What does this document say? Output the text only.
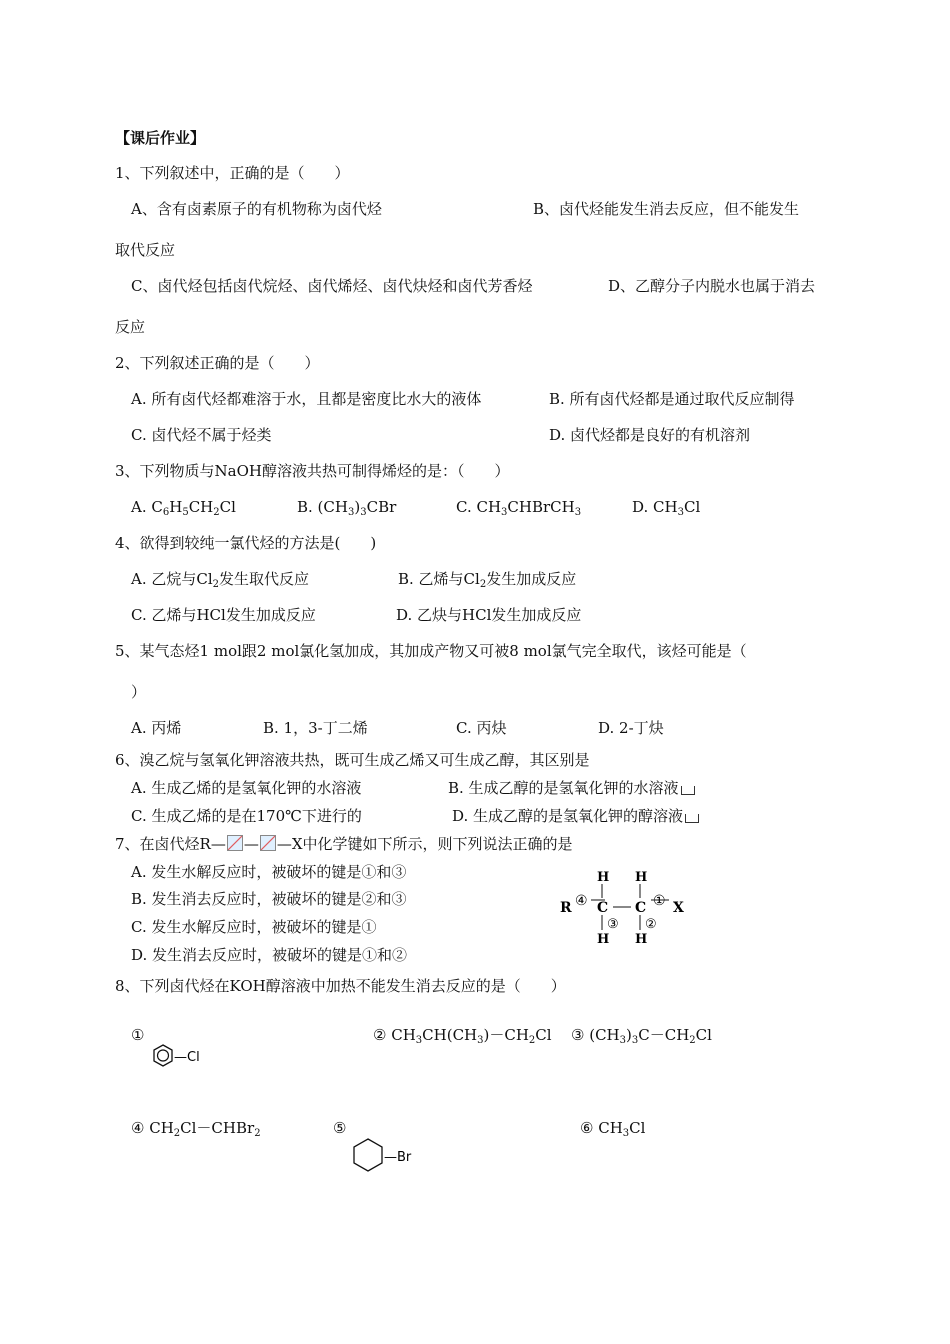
【课后作业】
1、下列叙述中，正确的是（　　）
A、含有卤素原子的有机物称为卤代烃	B、卤代烃能发生消去反应，但不能发生
取代反应
C、卤代烃包括卤代烷烃、卤代烯烃、卤代炔烃和卤代芳香烃	D、乙醇分子内脱水也属于消去
反应
2、下列叙述正确的是（　　）
A. 所有卤代烃都难溶于水，且都是密度比水大的液体	B. 所有卤代烃都是通过取代反应制得
C. 卤代烃不属于烃类	D. 卤代烃都是良好的有机溶剂
3、下列物质与NaOH醇溶液共热可制得烯烃的是：（　　）
A. $C_6H_5CH_2Cl$	B. $(CH_3)_3CBr$	C. $CH_3CHBrCH_3$	D. $CH_3Cl$
4、欲得到较纯一氯代烃的方法是(　　)
A. 乙烷与$Cl_2$发生取代反应	B. 乙烯与$Cl_2$发生加成反应
C. 乙烯与HCl发生加成反应	D. 乙炔与HCl发生加成反应
5、某气态烃1 mol跟2 mol氯化氢加成，其加成产物又可被8 mol氯气完全取代，该烃可能是（
）
A. 丙烯	B. 1，3-丁二烯	C. 丙炔	D. 2-丁炔
6、溴乙烷与氢氧化钾溶液共热，既可生成乙烯又可生成乙醇，其区别是
A. 生成乙烯的是氢氧化钾的水溶液	B. 生成乙醇的是氢氧化钾的水溶液
C. 生成乙烯的是在170℃下进行的	D. 生成乙醇的是氢氧化钾的醇溶液
7、在卤代烃R— — —X中化学键如下所示，则下列说法正确的是
A. 发生水解反应时，被破坏的键是①和③
B. 发生消去反应时，被破坏的键是②和③
C. 发生水解反应时，被破坏的键是①
D. 发生消去反应时，被破坏的键是①和②
R ④ C
H
③
H
C
H
②
H
① X
8、下列卤代烃在KOH醇溶液中加热不能发生消去反应的是（　　）
①
—Cl
② $CH_3CH(CH_3)-CH_2Cl$ ③ $(CH_3)_3C-CH_2Cl$
④ $CH_2Cl-CHBr_2$	⑤
—Br
⑥ $CH_3Cl$
